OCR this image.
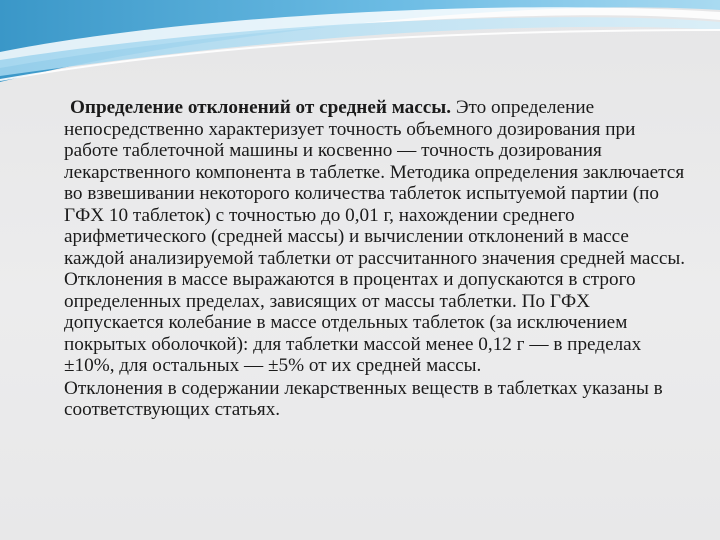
Определение отклонений от средней массы. Это определение непосредственно характеризует точность объемного дозирования при работе таблеточной машины и косвенно — точность дозирования лекарственного компонента в таблетке. Методика определения заключается во взвешивании некоторого количества таблеток испытуемой партии (по ГФХ 10 таблеток) с точностью до 0,01 г, нахождении среднего арифметического (средней массы) и вычислении отклонений в массе каждой анализируемой таблетки от рассчитанного значения средней массы. Отклонения в массе выражаются в процентах и допускаются в строго определенных пределах, зависящих от массы таблетки. По ГФХ допускается колебание в массе отдельных таблеток (за исключением покрытых оболочкой): для таблетки массой менее 0,12 г — в пределах ±10%, для остальных — ±5% от их средней массы.

Отклонения в содержании лекарственных веществ в таблетках указаны в соответствующих статьях.
